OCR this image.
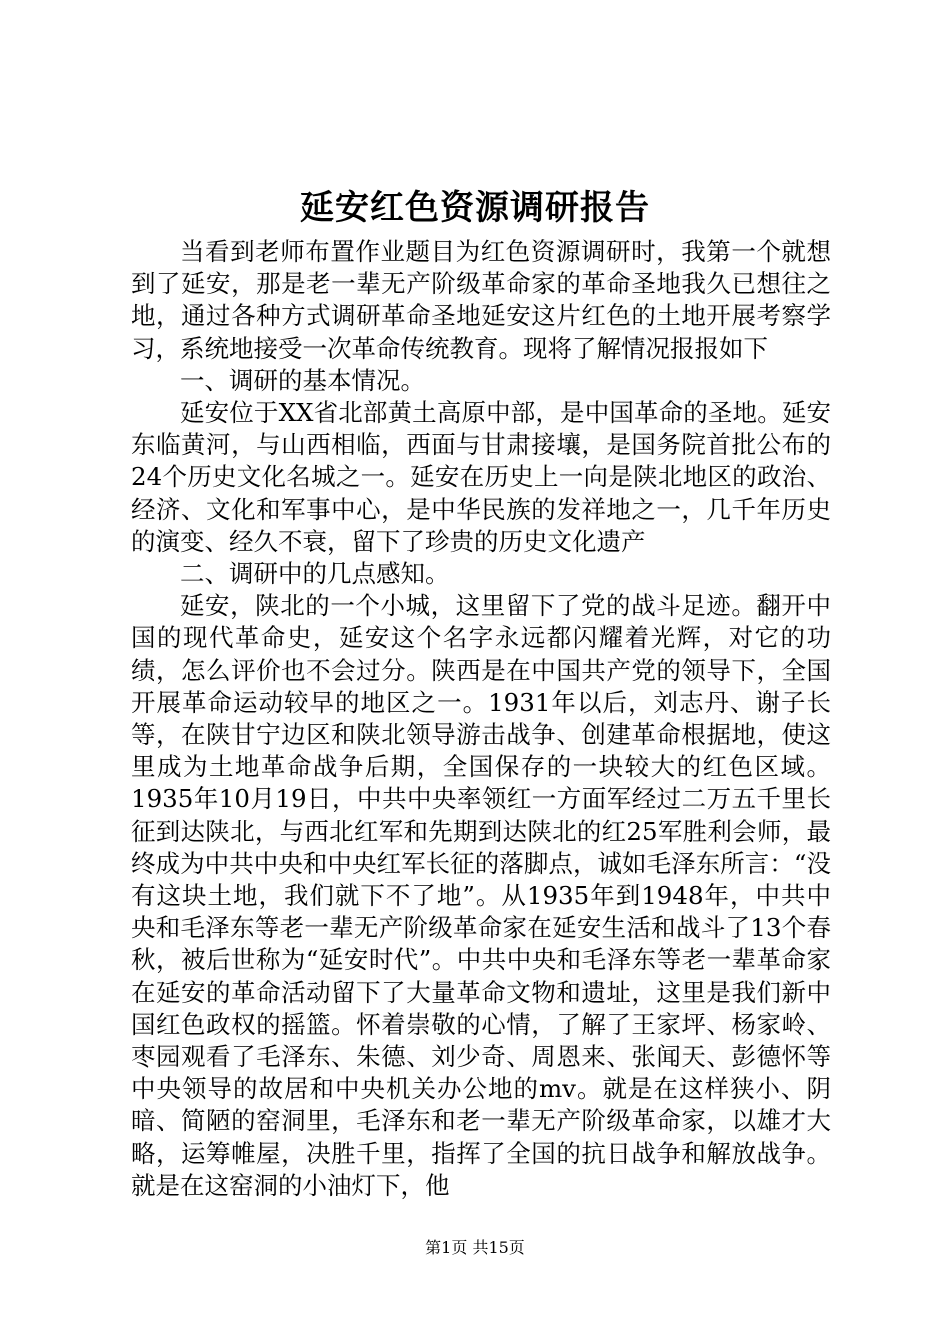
延安红色资源调研报告

当看到老师布置作业题目为红色资源调研时，我第一个就想到了延安，那是老一辈无产阶级革命家的革命圣地我久已想往之地，通过各种方式调研革命圣地延安这片红色的土地开展考察学习，系统地接受一次革命传统教育。现将了解情况报报如下

一、调研的基本情况。

延安位于XX省北部黄土高原中部，是中国革命的圣地。延安东临黄河，与山西相临，西面与甘肃接壤，是国务院首批公布的24个历史文化名城之一。延安在历史上一向是陕北地区的政治、经济、文化和军事中心，是中华民族的发祥地之一，几千年历史的演变、经久不衰，留下了珍贵的历史文化遗产

二、调研中的几点感知。

延安，陕北的一个小城，这里留下了党的战斗足迹。翻开中国的现代革命史，延安这个名字永远都闪耀着光辉，对它的功绩，怎么评价也不会过分。陕西是在中国共产党的领导下，全国开展革命运动较早的地区之一。1931年以后，刘志丹、谢子长等，在陕甘宁边区和陕北领导游击战争、创建革命根据地，使这里成为土地革命战争后期，全国保存的一块较大的红色区域。1935年10月19日，中共中央率领红一方面军经过二万五千里长征到达陕北，与西北红军和先期到达陕北的红25军胜利会师，最终成为中共中央和中央红军长征的落脚点，诚如毛泽东所言：“没有这块土地，我们就下不了地”。从1935年到1948年，中共中央和毛泽东等老一辈无产阶级革命家在延安生活和战斗了13个春秋，被后世称为“延安时代”。中共中央和毛泽东等老一辈革命家在延安的革命活动留下了大量革命文物和遗址，这里是我们新中国红色政权的摇篮。怀着崇敬的心情，了解了王家坪、杨家岭、枣园观看了毛泽东、朱德、刘少奇、周恩来、张闻天、彭德怀等中央领导的故居和中央机关办公地的mv。就是在这样狭小、阴暗、简陋的窑洞里，毛泽东和老一辈无产阶级革命家，以雄才大略，运筹帷屋，决胜千里，指挥了全国的抗日战争和解放战争。就是在这窑洞的小油灯下，他

第1页 共15页
